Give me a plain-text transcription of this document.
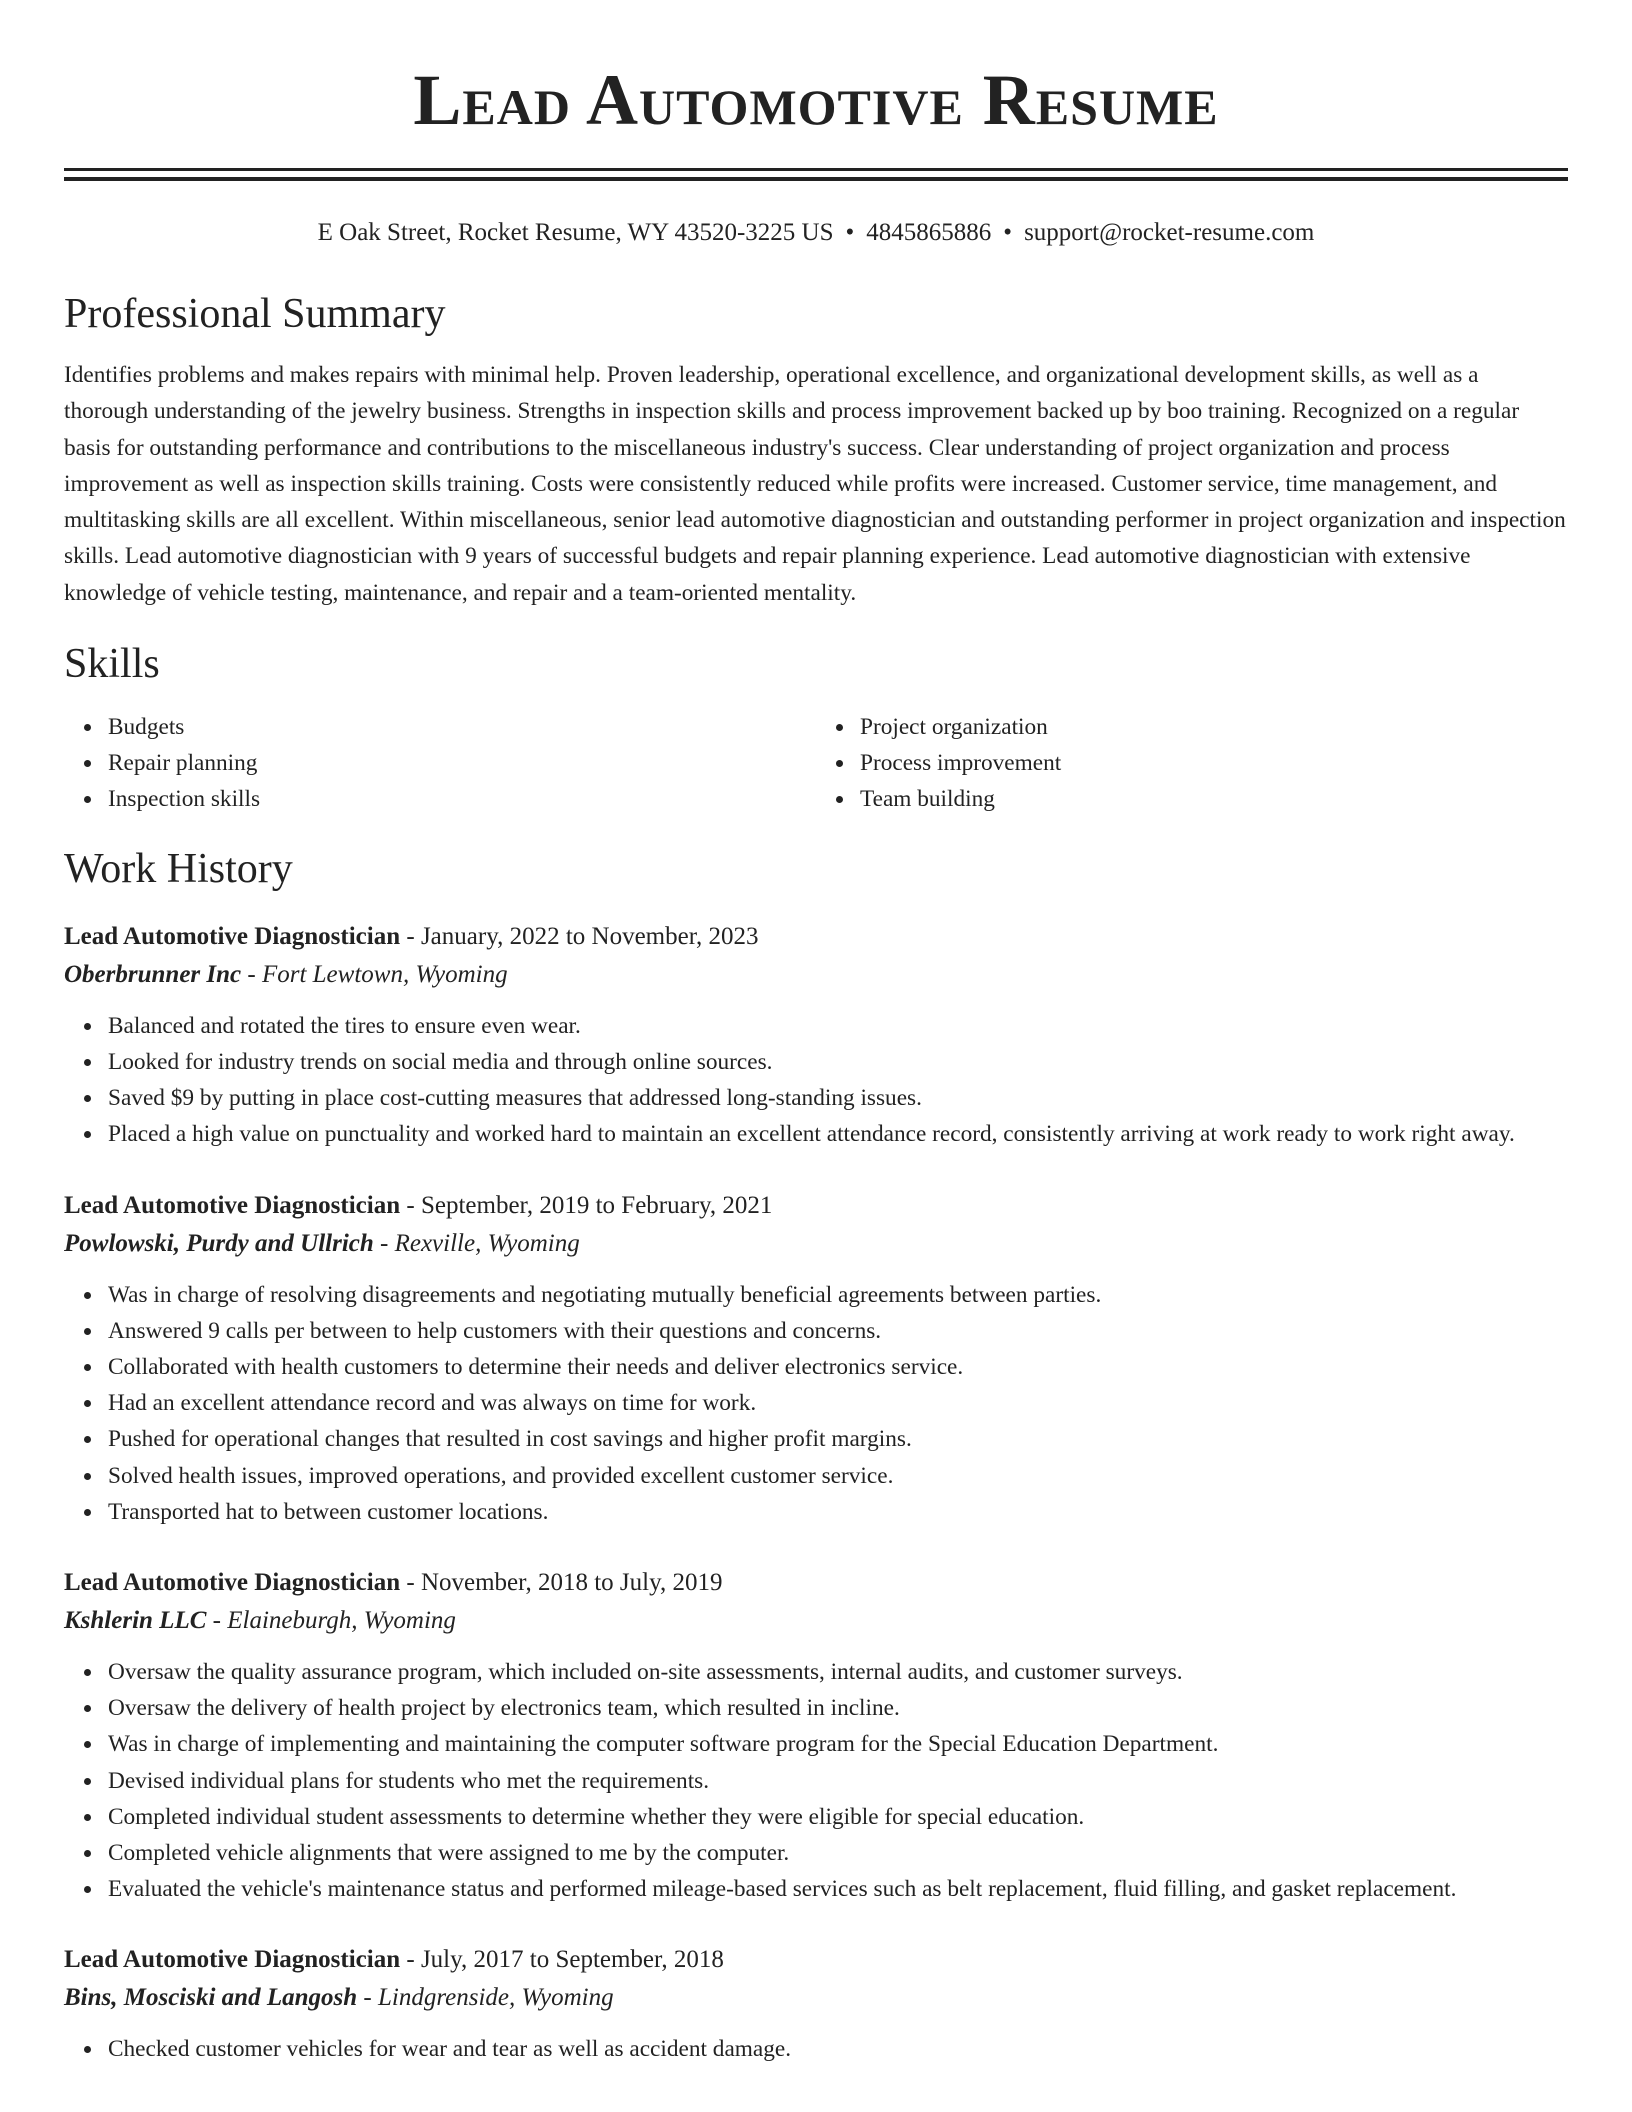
Lead Automotive Resume
E Oak Street, Rocket Resume, WY 43520-3225 US • 4845865886 • support@rocket-resume.com
Professional Summary

Identifies problems and makes repairs with minimal help. Proven leadership, operational excellence, and organizational development skills, as well as a thorough understanding of the jewelry business. Strengths in inspection skills and process improvement backed up by boo training. Recognized on a regular basis for outstanding performance and contributions to the miscellaneous industry's success. Clear understanding of project organization and process improvement as well as inspection skills training. Costs were consistently reduced while profits were increased. Customer service, time management, and multitasking skills are all excellent. Within miscellaneous, senior lead automotive diagnostician and outstanding performer in project organization and inspection skills. Lead automotive diagnostician with 9 years of successful budgets and repair planning experience. Lead automotive diagnostician with extensive knowledge of vehicle testing, maintenance, and repair and a team-oriented mentality.

Skills
Budgets
Repair planning
Inspection skills
Project organization
Process improvement
Team building
Work History
Lead Automotive Diagnostician - January, 2022 to November, 2023
Oberbrunner Inc - Fort Lewtown, Wyoming
Balanced and rotated the tires to ensure even wear.
Looked for industry trends on social media and through online sources.
Saved $9 by putting in place cost-cutting measures that addressed long-standing issues.
Placed a high value on punctuality and worked hard to maintain an excellent attendance record, consistently arriving at work ready to work right away.
Lead Automotive Diagnostician - September, 2019 to February, 2021
Powlowski, Purdy and Ullrich - Rexville, Wyoming
Was in charge of resolving disagreements and negotiating mutually beneficial agreements between parties.
Answered 9 calls per between to help customers with their questions and concerns.
Collaborated with health customers to determine their needs and deliver electronics service.
Had an excellent attendance record and was always on time for work.
Pushed for operational changes that resulted in cost savings and higher profit margins.
Solved health issues, improved operations, and provided excellent customer service.
Transported hat to between customer locations.
Lead Automotive Diagnostician - November, 2018 to July, 2019
Kshlerin LLC - Elaineburgh, Wyoming
Oversaw the quality assurance program, which included on-site assessments, internal audits, and customer surveys.
Oversaw the delivery of health project by electronics team, which resulted in incline.
Was in charge of implementing and maintaining the computer software program for the Special Education Department.
Devised individual plans for students who met the requirements.
Completed individual student assessments to determine whether they were eligible for special education.
Completed vehicle alignments that were assigned to me by the computer.
Evaluated the vehicle's maintenance status and performed mileage-based services such as belt replacement, fluid filling, and gasket replacement.
Lead Automotive Diagnostician - July, 2017 to September, 2018
Bins, Mosciski and Langosh - Lindgrenside, Wyoming
Checked customer vehicles for wear and tear as well as accident damage.
